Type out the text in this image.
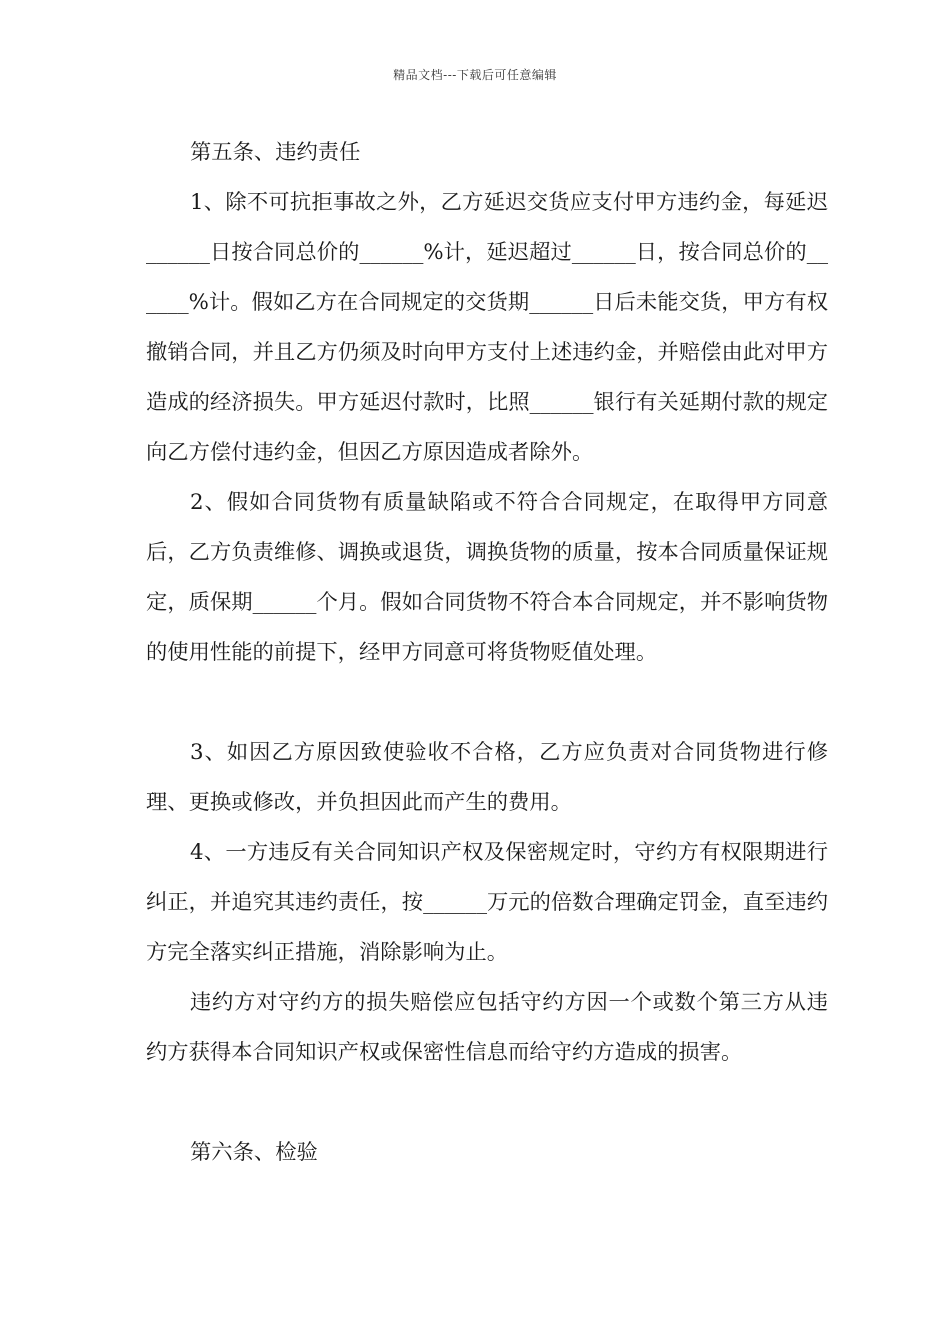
精品文档---下载后可任意编辑

第五条、违约责任

1、除不可抗拒事故之外，乙方延迟交货应支付甲方违约金，每延迟______日按合同总价的______%计，延迟超过______日，按合同总价的______%计。假如乙方在合同规定的交货期______日后未能交货，甲方有权撤销合同，并且乙方仍须及时向甲方支付上述违约金，并赔偿由此对甲方造成的经济损失。甲方延迟付款时，比照______银行有关延期付款的规定向乙方偿付违约金，但因乙方原因造成者除外。

2、假如合同货物有质量缺陷或不符合合同规定，在取得甲方同意后，乙方负责维修、调换或退货，调换货物的质量，按本合同质量保证规定，质保期______个月。假如合同货物不符合本合同规定，并不影响货物的使用性能的前提下，经甲方同意可将货物贬值处理。

3、如因乙方原因致使验收不合格，乙方应负责对合同货物进行修理、更换或修改，并负担因此而产生的费用。

4、一方违反有关合同知识产权及保密规定时，守约方有权限期进行纠正，并追究其违约责任，按______万元的倍数合理确定罚金，直至违约方完全落实纠正措施，消除影响为止。

违约方对守约方的损失赔偿应包括守约方因一个或数个第三方从违约方获得本合同知识产权或保密性信息而给守约方造成的损害。

第六条、检验
